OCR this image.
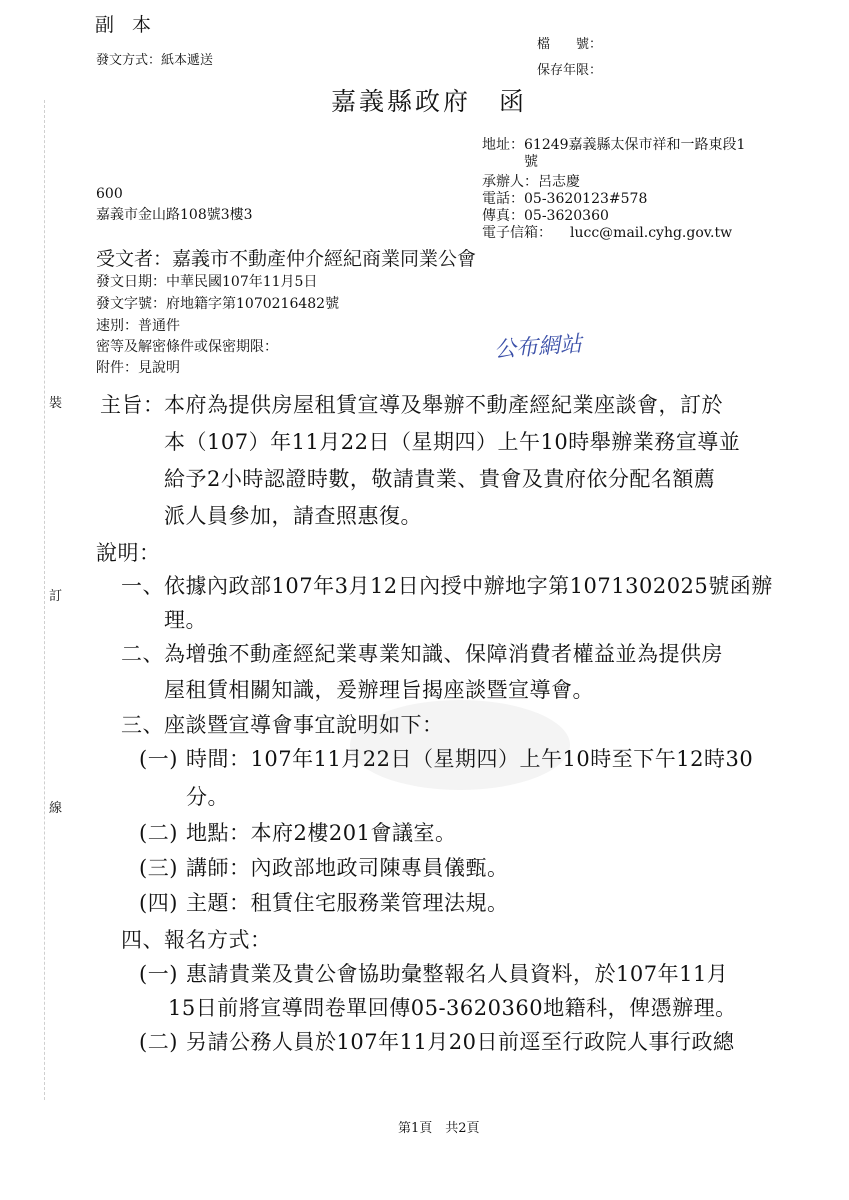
副 本
發文方式：紙本遞送
檔　　號：
保存年限：
嘉義縣政府　函
地址：61249嘉義縣太保市祥和一路東段1
號
承辦人：呂志慶
電話：05-3620123#578
傳真：05-3620360
電子信箱： lucc@mail.cyhg.gov.tw
600
嘉義市金山路108號3樓3
受文者：嘉義市不動產仲介經紀商業同業公會
發文日期：中華民國107年11月5日
發文字號：府地籍字第1070216482號
速別：普通件
密等及解密條件或保密期限：
附件：見說明
公布網站
裝
訂
線
主旨： 本府為提供房屋租賃宣導及舉辦不動產經紀業座談會，訂於
本（107）年11月22日（星期四）上午10時舉辦業務宣導並
給予2小時認證時數，敬請貴業、貴會及貴府依分配名額薦
派人員參加，請查照惠復。
說明：
一、 依據內政部107年3月12日內授中辦地字第1071302025號函辦
理。
二、 為增強不動產經紀業專業知識、保障消費者權益並為提供房
屋租賃相關知識，爰辦理旨揭座談暨宣導會。
三、 座談暨宣導會事宜說明如下：
(一) 時間：107年11月22日（星期四）上午10時至下午12時30
分。
(二) 地點：本府2樓201會議室。
(三) 講師：內政部地政司陳專員儀甄。
(四) 主題：租賃住宅服務業管理法規。
四、 報名方式：
(一) 惠請貴業及貴公會協助彙整報名人員資料，於107年11月
15日前將宣導問卷單回傳05-3620360地籍科，俾憑辦理。
(二) 另請公務人員於107年11月20日前逕至行政院人事行政總
第1頁　共2頁
